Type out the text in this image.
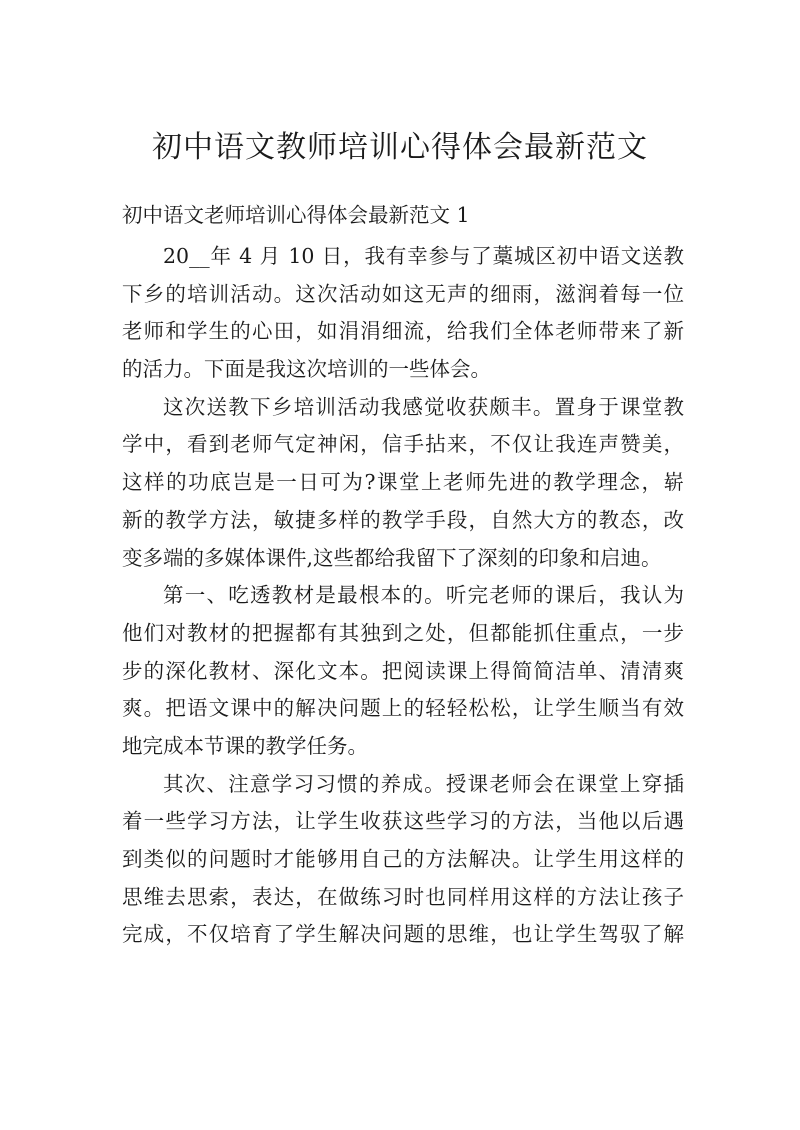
初中语文教师培训心得体会最新范文

初中语文老师培训心得体会最新范文 1

20__年 4 月 10 日，我有幸参与了藁城区初中语文送教
下乡的培训活动。这次活动如这无声的细雨，滋润着每一位
老师和学生的心田，如涓涓细流，给我们全体老师带来了新
的活力。下面是我这次培训的一些体会。
这次送教下乡培训活动我感觉收获颇丰。置身于课堂教
学中，看到老师气定神闲，信手拈来，不仅让我连声赞美，
这样的功底岂是一日可为?课堂上老师先进的教学理念，崭
新的教学方法，敏捷多样的教学手段，自然大方的教态，改
变多端的多媒体课件,这些都给我留下了深刻的印象和启迪。
第一、吃透教材是最根本的。听完老师的课后，我认为
他们对教材的把握都有其独到之处，但都能抓住重点，一步
步的深化教材、深化文本。把阅读课上得简简洁单、清清爽
爽。把语文课中的解决问题上的轻轻松松，让学生顺当有效
地完成本节课的教学任务。
其次、注意学习习惯的养成。授课老师会在课堂上穿插
着一些学习方法，让学生收获这些学习的方法，当他以后遇
到类似的问题时才能够用自己的方法解决。让学生用这样的
思维去思索，表达，在做练习时也同样用这样的方法让孩子
完成，不仅培育了学生解决问题的思维，也让学生驾驭了解
